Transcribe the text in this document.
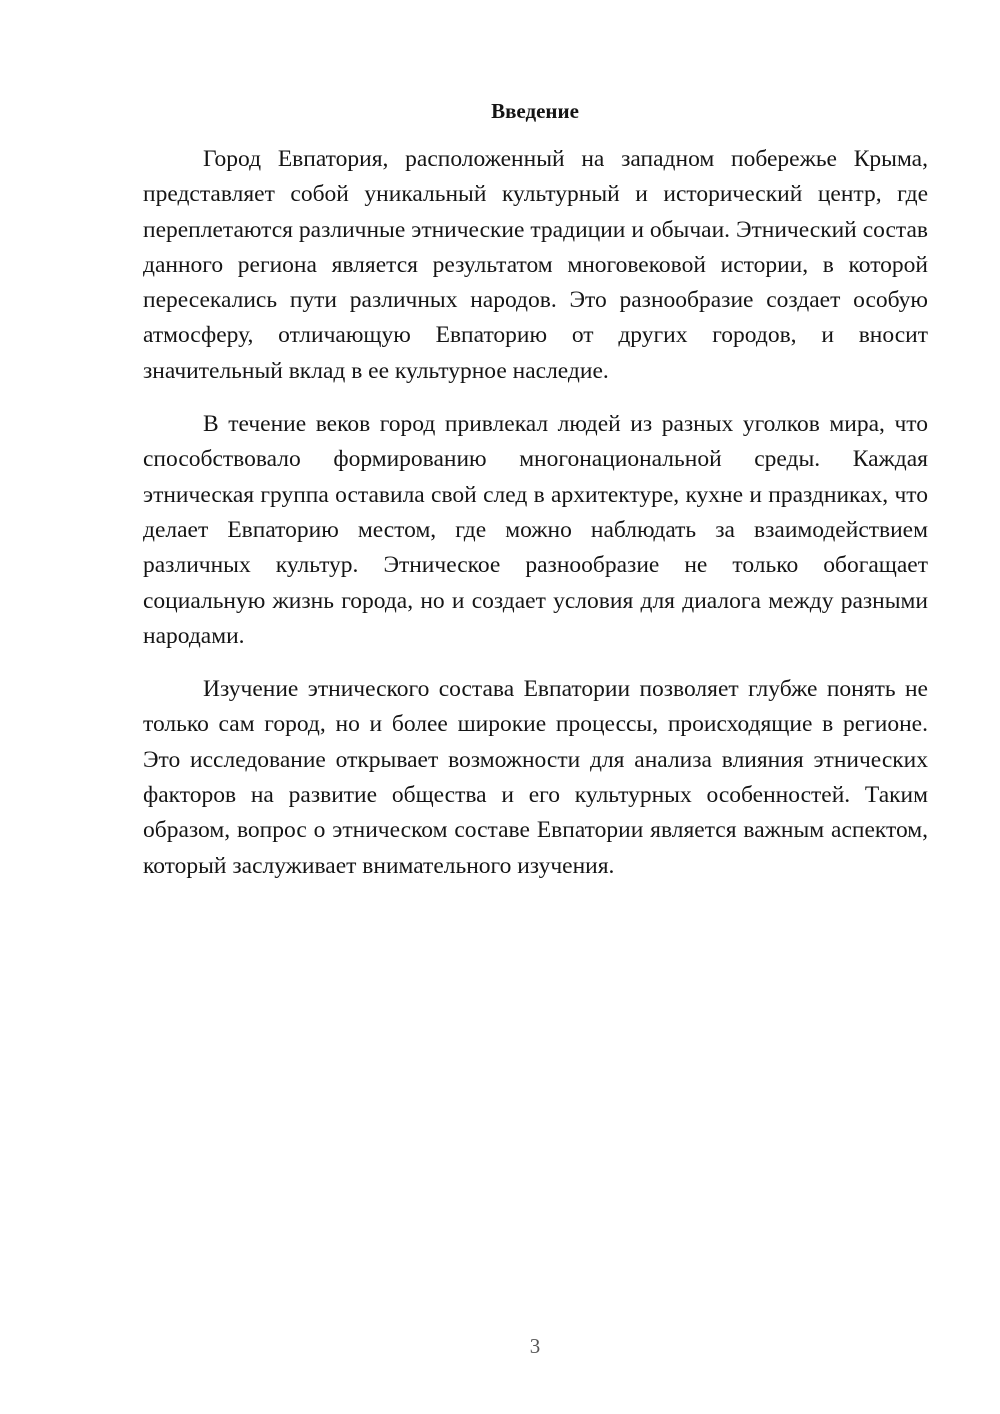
Введение

Город Евпатория, расположенный на западном побережье Крыма, представляет собой уникальный культурный и исторический центр, где переплетаются различные этнические традиции и обычаи. Этнический состав данного региона является результатом многовековой истории, в которой пересекались пути различных народов. Это разнообразие создает особую атмосферу, отличающую Евпаторию от других городов, и вносит значительный вклад в ее культурное наследие.

В течение веков город привлекал людей из разных уголков мира, что способствовало формированию многонациональной среды. Каждая этническая группа оставила свой след в архитектуре, кухне и праздниках, что делает Евпаторию местом, где можно наблюдать за взаимодействием различных культур. Этническое разнообразие не только обогащает социальную жизнь города, но и создает условия для диалога между разными народами.

Изучение этнического состава Евпатории позволяет глубже понять не только сам город, но и более широкие процессы, происходящие в регионе. Это исследование открывает возможности для анализа влияния этнических факторов на развитие общества и его культурных особенностей. Таким образом, вопрос о этническом составе Евпатории является важным аспектом, который заслуживает внимательного изучения.

3
